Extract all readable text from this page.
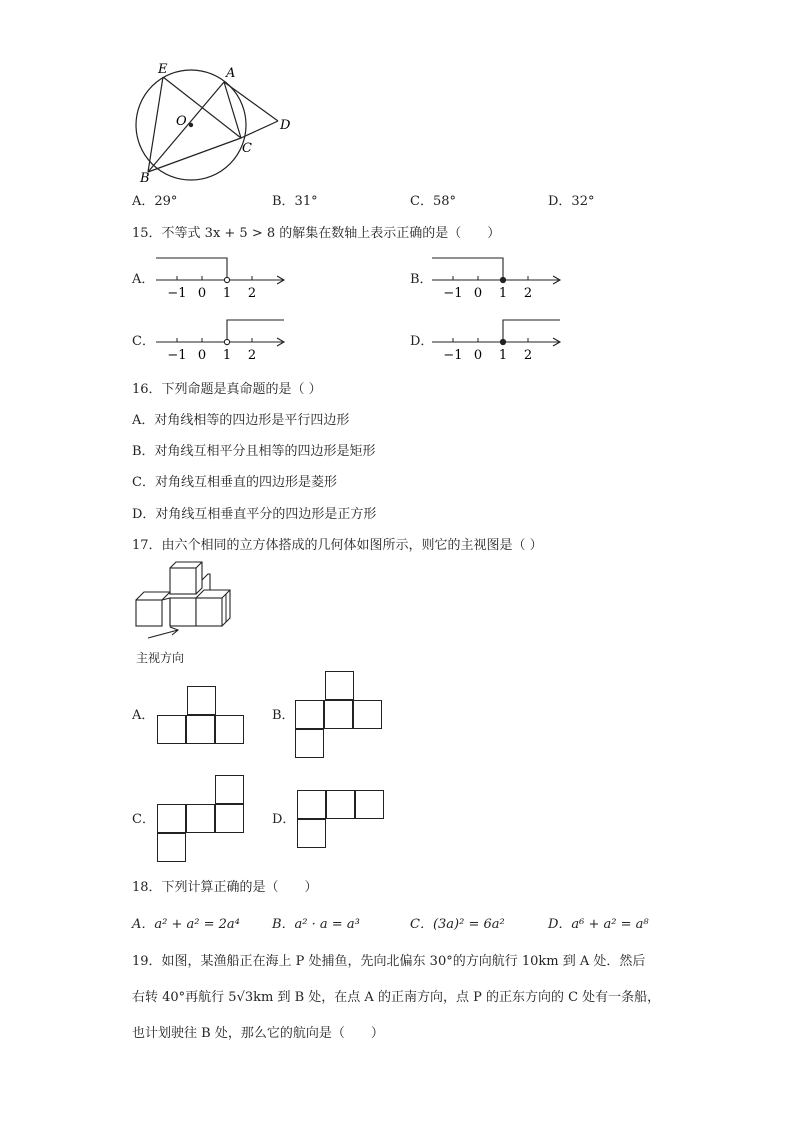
E	A
O	D
C
B
A．29°	B．31°	C．58°	D．32°
15．不等式 3x + 5 > 8 的解集在数轴上表示正确的是（　　）
A．	B．
C．	D．
−1 0 1 2	−1 0 1 2
−1 0 1 2	−1 0 1 2
16．下列命题是真命题的是（ ）
A．对角线相等的四边形是平行四边形
B．对角线互相平分且相等的四边形是矩形
C．对角线互相垂直的四边形是菱形
D．对角线互相垂直平分的四边形是正方形
17．由六个相同的立方体搭成的几何体如图所示，则它的主视图是（ ）
主视方向
A．	B．
C．	D．
18．下列计算正确的是（　　）
A．a² + a² = 2a⁴ B．a² · a = a³	C．(3a)² = 6a²	D．a⁶ + a² = a⁸
19．如图，某渔船正在海上 P 处捕鱼，先向北偏东 30°的方向航行 10km 到 A 处．然后
右转 40°再航行 5√3km 到 B 处，在点 A 的正南方向，点 P 的正东方向的 C 处有一条船，
也计划驶往 B 处，那么它的航向是（　　）
